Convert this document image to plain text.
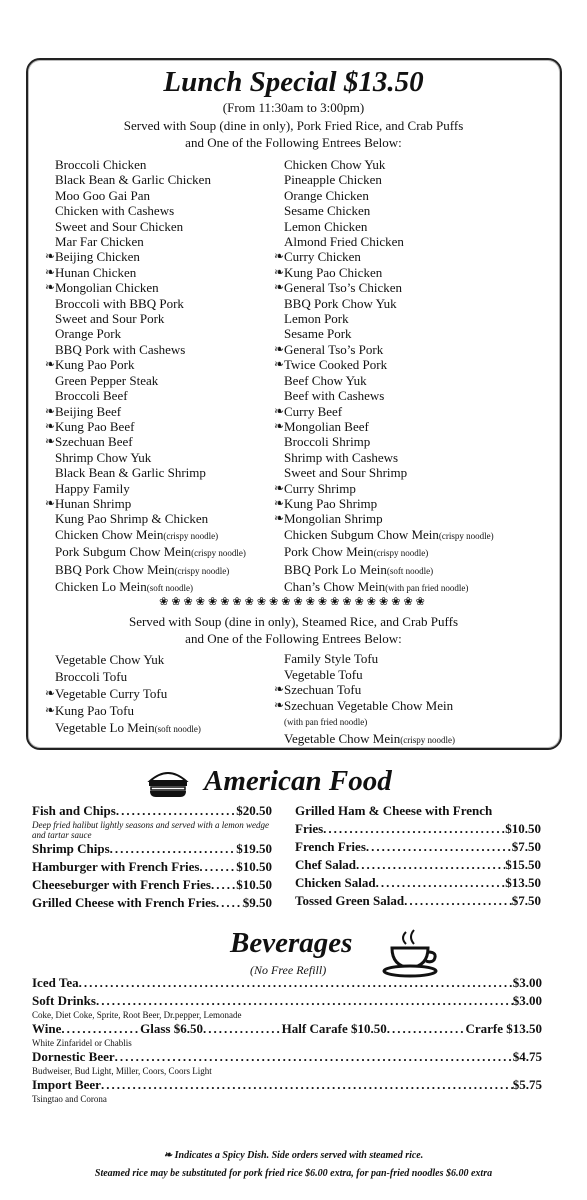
Lunch Special $13.50
(From 11:30am to 3:00pm)
Served with Soup (dine in only), Pork Fried Rice, and Crab Puffs
and One of the Following Entrees Below:
Broccoli Chicken
Black Bean & Garlic Chicken
Moo Goo Gai Pan
Chicken with Cashews
Sweet and Sour Chicken
Mar Far Chicken
❧ Beijing Chicken
❧ Hunan Chicken
❧ Mongolian Chicken
Broccoli with BBQ Pork
Sweet and Sour Pork
Orange Pork
BBQ Pork with Cashews
❧ Kung Pao Pork
Green Pepper Steak
Broccoli Beef
❧ Beijing Beef
❧ Kung Pao Beef
❧ Szechuan Beef
Shrimp Chow Yuk
Black Bean & Garlic Shrimp
Happy Family
❧ Hunan Shrimp
Kung Pao Shrimp & Chicken
Chicken Chow Mein(crispy noodle)
Pork Subgum Chow Mein(crispy noodle)
BBQ Pork Chow Mein(crispy noodle)
Chicken Lo Mein(soft noodle)
Chicken Chow Yuk
Pineapple Chicken
Orange Chicken
Sesame Chicken
Lemon Chicken
Almond Fried Chicken
❧ Curry Chicken
❧ Kung Pao Chicken
❧ General Tso’s Chicken
BBQ Pork Chow Yuk
Lemon Pork
Sesame Pork
❧ General Tso’s Pork
❧ Twice Cooked Pork
Beef Chow Yuk
Beef with Cashews
❧ Curry Beef
❧ Mongolian Beef
Broccoli Shrimp
Shrimp with Cashews
Sweet and Sour Shrimp
❧ Curry Shrimp
❧ Kung Pao Shrimp
❧ Mongolian Shrimp
Chicken Subgum Chow Mein(crispy noodle)
Pork Chow Mein(crispy noodle)
BBQ Pork Lo Mein(soft noodle)
Chan’s Chow Mein(with pan fried noodle)
❀❀❀❀❀❀❀❀❀❀❀❀❀❀❀❀❀❀❀❀❀❀
Served with Soup (dine in only), Steamed Rice, and Crab Puffs
and One of the Following Entrees Below:
Vegetable Chow Yuk
Broccoli Tofu
❧ Vegetable Curry Tofu
❧ Kung Pao Tofu
Vegetable Lo Mein(soft noodle)
Family Style Tofu
Vegetable Tofu
❧ Szechuan Tofu
❧ Szechuan Vegetable Chow Mein
(with pan fried noodle)
Vegetable Chow Mein(crispy noodle)
American Food
Fish and Chips .....	$20.50
Deep fried halibut lightly seasons and served with a lemon wedge and tartar sauce
Shrimp Chips .....	$19.50
Hamburger with French Fries .....	$10.50
Cheeseburger with French Fries ..... $10.50
Grilled Cheese with French Fries ..... $9.50
Grilled Ham & Cheese with French
Fries .....	$10.50
French Fries .....	$7.50
Chef Salad .....	$15.50
Chicken Salad .....	$13.50
Tossed Green Salad .....	$7.50
Beverages
(No Free Refill)
Iced Tea .....	$3.00
Soft Drinks .....	$3.00
Coke, Diet Coke, Sprite, Root Beer, Dr.pepper, Lemonade
Wine .....	Glass $6.50 .....	Half Carafe $10.50 .....	Crarfe $13.50
White Zinfaridel or Chablis
Dornestic Beer .....	$4.75
Budweiser, Bud Light, Miller, Coors, Coors Light
Import Beer .....	$5.75
Tsingtao and Corona
❧ Indicates a Spicy Dish. Side orders served with steamed rice.
Steamed rice may be substituted for pork fried rice $6.00 extra, for pan-fried noodles $6.00 extra
